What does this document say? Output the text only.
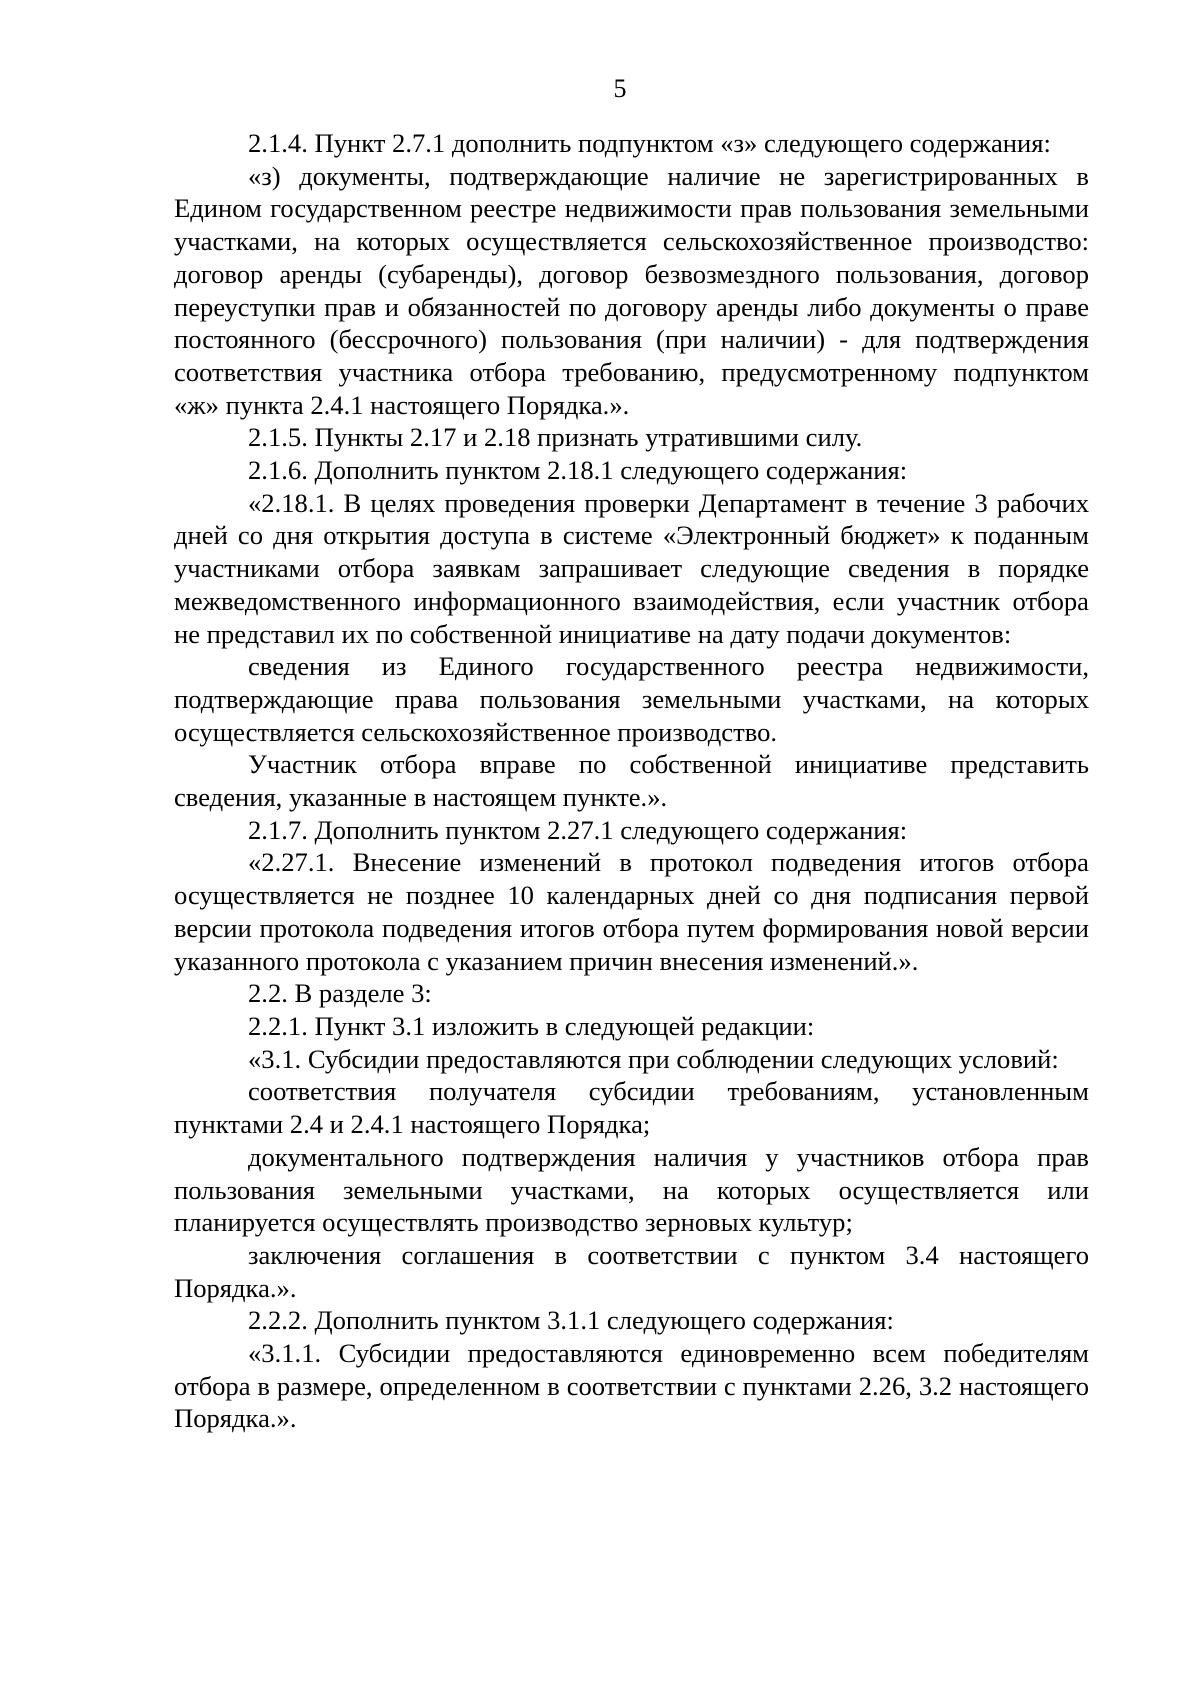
5

2.1.4. Пункт 2.7.1 дополнить подпунктом «з» следующего содержания:

«з) документы, подтверждающие наличие не зарегистрированных в Едином государственном реестре недвижимости прав пользования земельными участками, на которых осуществляется сельскохозяйственное производство: договор аренды (субаренды), договор безвозмездного пользования, договор переуступки прав и обязанностей по договору аренды либо документы о праве постоянного (бессрочного) пользования (при наличии) - для подтверждения соответствия участника отбора требованию, предусмотренному подпунктом «ж» пункта 2.4.1 настоящего Порядка.».

2.1.5. Пункты 2.17 и 2.18 признать утратившими силу.

2.1.6. Дополнить пунктом 2.18.1 следующего содержания:

«2.18.1. В целях проведения проверки Департамент в течение 3 рабочих дней со дня открытия доступа в системе «Электронный бюджет» к поданным участниками отбора заявкам запрашивает следующие сведения в порядке межведомственного информационного взаимодействия, если участник отбора не представил их по собственной инициативе на дату подачи документов:

сведения из Единого государственного реестра недвижимости, подтверждающие права пользования земельными участками, на которых осуществляется сельскохозяйственное производство.

Участник отбора вправе по собственной инициативе представить сведения, указанные в настоящем пункте.».

2.1.7. Дополнить пунктом 2.27.1 следующего содержания:

«2.27.1. Внесение изменений в протокол подведения итогов отбора осуществляется не позднее 10 календарных дней со дня подписания первой версии протокола подведения итогов отбора путем формирования новой версии указанного протокола с указанием причин внесения изменений.».

2.2. В разделе 3:

2.2.1. Пункт 3.1 изложить в следующей редакции:

«3.1. Субсидии предоставляются при соблюдении следующих условий:

соответствия получателя субсидии требованиям, установленным пунктами 2.4 и 2.4.1 настоящего Порядка;

документального подтверждения наличия у участников отбора прав пользования земельными участками, на которых осуществляется или планируется осуществлять производство зерновых культур;

заключения соглашения в соответствии с пунктом 3.4 настоящего Порядка.».

2.2.2. Дополнить пунктом 3.1.1 следующего содержания:

«3.1.1. Субсидии предоставляются единовременно всем победителям отбора в размере, определенном в соответствии с пунктами 2.26, 3.2 настоящего Порядка.».
